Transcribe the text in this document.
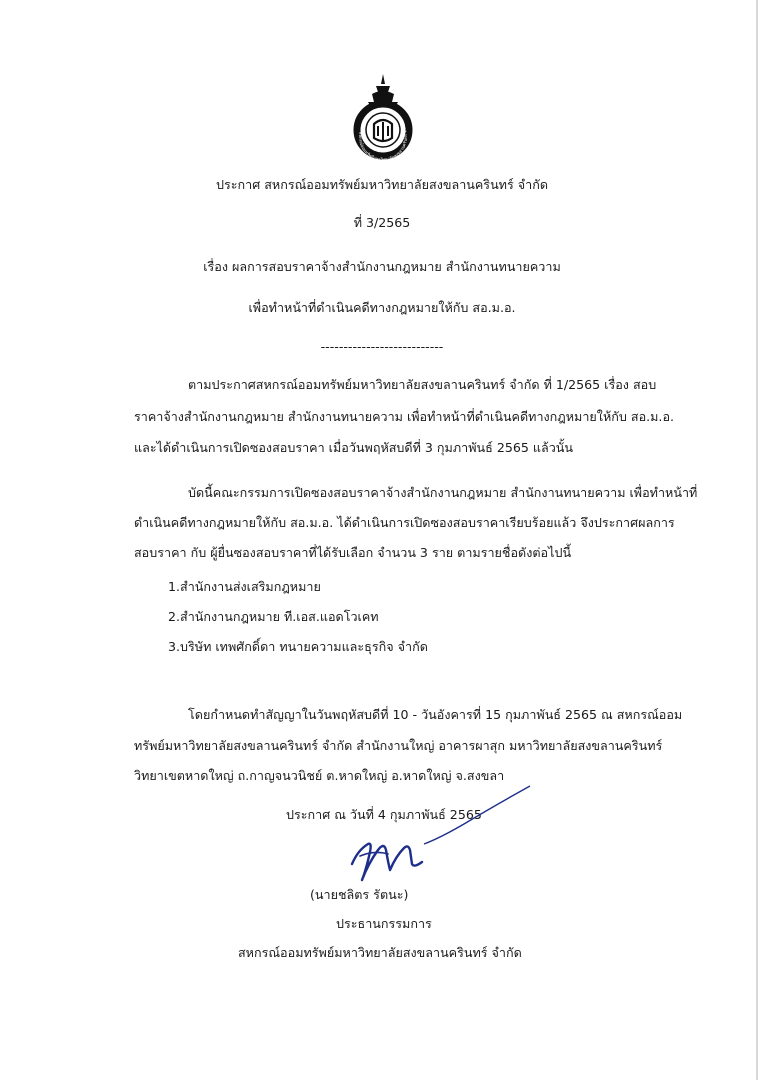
สหกรณ์ออมทรัพย์มหาวิทยาลัยสงขลานครินทร์ จำ
ประกาศ สหกรณ์ออมทรัพย์มหาวิทยาลัยสงขลานครินทร์ จำกัด
ที่ 3/2565
เรื่อง ผลการสอบราคาจ้างสำนักงานกฎหมาย สำนักงานทนายความ
เพื่อทำหน้าที่ดำเนินคดีทางกฎหมายให้กับ สอ.ม.อ.
---------------------------
ตามประกาศสหกรณ์ออมทรัพย์มหาวิทยาลัยสงขลานครินทร์ จำกัด ที่ 1/2565 เรื่อง สอบ
ราคาจ้างสำนักงานกฎหมาย สำนักงานทนายความ เพื่อทำหน้าที่ดำเนินคดีทางกฎหมายให้กับ สอ.ม.อ.
และได้ดำเนินการเปิดซองสอบราคา เมื่อวันพฤหัสบดีที่ 3 กุมภาพันธ์ 2565 แล้วนั้น
บัดนี้คณะกรรมการเปิดซองสอบราคาจ้างสำนักงานกฎหมาย สำนักงานทนายความ เพื่อทำหน้าที่
ดำเนินคดีทางกฎหมายให้กับ สอ.ม.อ. ได้ดำเนินการเปิดซองสอบราคาเรียบร้อยแล้ว จึงประกาศผลการ
สอบราคา กับ ผู้ยื่นซองสอบราคาที่ได้รับเลือก จำนวน 3 ราย ตามรายชื่อดังต่อไปนี้
1.สำนักงานส่งเสริมกฎหมาย
2.สำนักงานกฎหมาย ที.เอส.แอดโวเคท
3.บริษัท เทพศักดิ์ดา ทนายความและธุรกิจ จำกัด
โดยกำหนดทำสัญญาในวันพฤหัสบดีที่ 10 - วันอังคารที่ 15 กุมภาพันธ์ 2565 ณ สหกรณ์ออม
ทรัพย์มหาวิทยาลัยสงขลานครินทร์ จำกัด สำนักงานใหญ่ อาคารผาสุก มหาวิทยาลัยสงขลานครินทร์
วิทยาเขตหาดใหญ่ ถ.กาญจนวนิชย์ ต.หาดใหญ่ อ.หาดใหญ่ จ.สงขลา
ประกาศ ณ วันที่ 4 กุมภาพันธ์ 2565
(นายชลิตร รัตนะ)
ประธานกรรมการ
สหกรณ์ออมทรัพย์มหาวิทยาลัยสงขลานครินทร์ จำกัด
